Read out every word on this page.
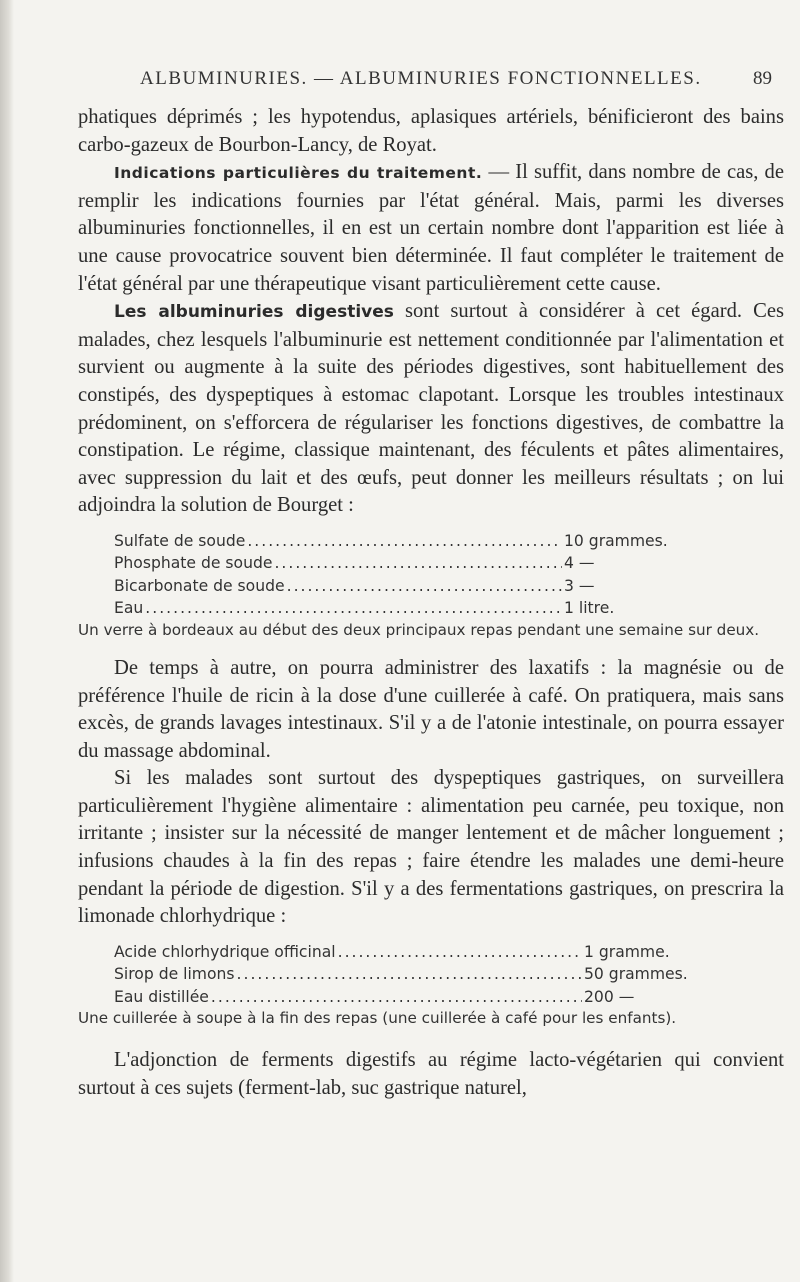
ALBUMINURIES. — ALBUMINURIES FONCTIONNELLES.	89

phatiques déprimés ; les hypotendus, aplasiques artériels, bénificieront des bains carbo-gazeux de Bourbon-Lancy, de Royat.

Indications particulières du traitement. — Il suffit, dans nombre de cas, de remplir les indications fournies par l'état général. Mais, parmi les diverses albuminuries fonctionnelles, il en est un certain nombre dont l'apparition est liée à une cause provocatrice souvent bien déterminée. Il faut compléter le traitement de l'état général par une thérapeutique visant particulièrement cette cause.

Les albuminuries digestives sont surtout à considérer à cet égard. Ces malades, chez lesquels l'albuminurie est nettement conditionnée par l'alimentation et survient ou augmente à la suite des périodes digestives, sont habituellement des constipés, des dyspeptiques à estomac clapotant. Lorsque les troubles intestinaux prédominent, on s'efforcera de régulariser les fonctions digestives, de combattre la constipation. Le régime, classique maintenant, des féculents et pâtes alimentaires, avec suppression du lait et des œufs, peut donner les meilleurs résultats ; on lui adjoindra la solution de Bourget :

Sulfate de soude .....	10 grammes.
Phosphate de soude .....	4 —
Bicarbonate de soude .....	3 —
Eau .....	1 litre.

Un verre à bordeaux au début des deux principaux repas pendant une semaine sur deux.

De temps à autre, on pourra administrer des laxatifs : la magnésie ou de préférence l'huile de ricin à la dose d'une cuillerée à café. On pratiquera, mais sans excès, de grands lavages intestinaux. S'il y a de l'atonie intestinale, on pourra essayer du massage abdominal.

Si les malades sont surtout des dyspeptiques gastriques, on surveillera particulièrement l'hygiène alimentaire : alimentation peu carnée, peu toxique, non irritante ; insister sur la nécessité de manger lentement et de mâcher longuement ; infusions chaudes à la fin des repas ; faire étendre les malades une demi-heure pendant la période de digestion. S'il y a des fermentations gastriques, on prescrira la limonade chlorhydrique :

Acide chlorhydrique officinal .....	1 gramme.
Sirop de limons .....	50 grammes.
Eau distillée .....	200 —

Une cuillerée à soupe à la fin des repas (une cuillerée à café pour les enfants).

L'adjonction de ferments digestifs au régime lacto-végétarien qui convient surtout à ces sujets (ferment-lab, suc gastrique naturel,
